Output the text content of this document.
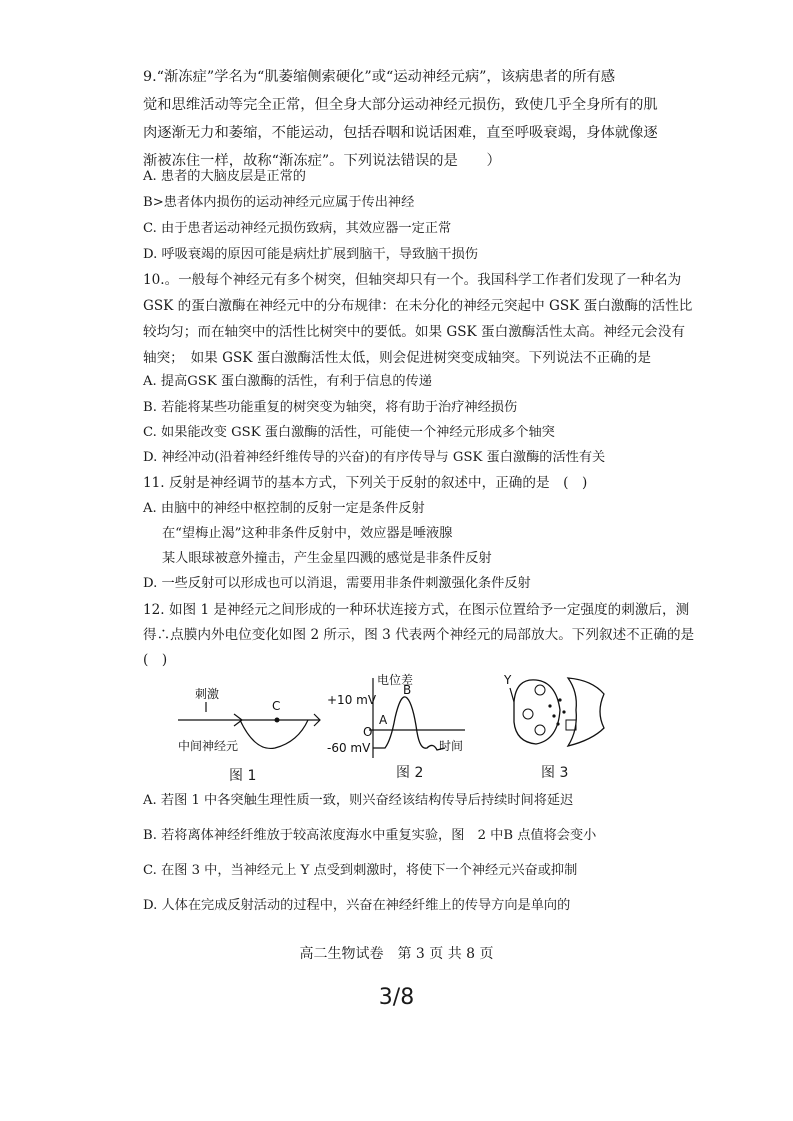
9.“渐冻症”学名为“肌萎缩侧索硬化”或“运动神经元病”，该病患者的所有感
觉和思维活动等完全正常，但全身大部分运动神经元损伤，致使几乎全身所有的肌
肉逐渐无力和萎缩，不能运动，包括吞咽和说话困难，直至呼吸衰竭，身体就像逐
渐被冻住一样，故称“渐冻症”。下列说法错误的是　　）
A. 患者的大脑皮层是正常的
B>患者体内损伤的运动神经元应属于传出神经
C. 由于患者运动神经元损伤致病，其效应器一定正常
D. 呼吸衰竭的原因可能是病灶扩展到脑干，导致脑干损伤
10.。一般每个神经元有多个树突，但轴突却只有一个。我国科学工作者们发现了一种名为
GSK 的蛋白激酶在神经元中的分布规律：在未分化的神经元突起中 GSK 蛋白激酶的活性比
较均匀；而在轴突中的活性比树突中的要低。如果 GSK 蛋白激酶活性太高。神经元会没有
轴突；　如果 GSK 蛋白激酶活性太低，则会促进树突变成轴突。下列说法不正确的是
A. 提高GSK 蛋白激酶的活性，有利于信息的传递
B. 若能将某些功能重复的树突变为轴突，将有助于治疗神经损伤
C. 如果能改变 GSK 蛋白激酶的活性，可能使一个神经元形成多个轴突
D. 神经冲动(沿着神经纤维传导的兴奋)的有序传导与 GSK 蛋白激酶的活性有关
11. 反射是神经调节的基本方式，下列关于反射的叙述中，正确的是　(　)
A. 由脑中的神经中枢控制的反射一定是条件反射
在“望梅止渴”这种非条件反射中，效应器是唾液腺
某人眼球被意外撞击，产生金星四溅的感觉是非条件反射
D. 一些反射可以形成也可以消退，需要用非条件刺激强化条件反射
12. 如图 1 是神经元之间形成的一种环状连接方式，在图示位置给予一定强度的刺激后，测
得∴点膜内外电位变化如图 2 所示，图 3 代表两个神经元的局部放大。下列叙述不正确的是
(　)
刺激
C
中间神经元
图 1
电位差
+10 mV
-60 mV
O
A
B
时间
图 2
Y
图 3
A. 若图 1 中各突触生理性质一致，则兴奋经该结构传导后持续时间将延迟
B. 若将离体神经纤维放于较高浓度海水中重复实验，图　2 中B 点值将会变小
C. 在图 3 中，当神经元上 Y 点受到刺激时，将使下一个神经元兴奋或抑制
D. 人体在完成反射活动的过程中，兴奋在神经纤维上的传导方向是单向的
高二生物试卷　第 3 页 共 8 页
3/8
